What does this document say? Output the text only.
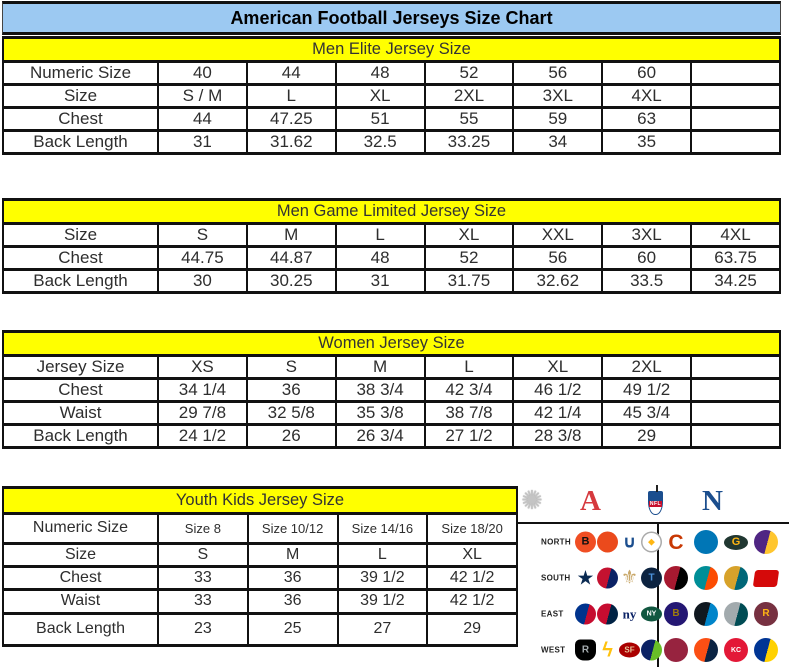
American Football Jerseys Size Chart
Men Elite Jersey Size							
Numeric Size	40	44	48	52	56	60	
Size	S / M	L	XL	2XL	3XL	4XL	
Chest	44	47.25	51	55	59	63	
Back Length	31	31.62	32.5	33.25	34	35	
Men Game Limited Jersey Size							
Size	S	M	L	XL	XXL	3XL	4XL
Chest	44.75	44.87	48	52	56	60	63.75
Back Length	30	30.25	31	31.75	32.62	33.5	34.25
Women Jersey Size							
Jersey Size	XS	S	M	L	XL	2XL	
Chest	34 1/4	36	38 3/4	42 3/4	46 1/2	49 1/2	
Waist	29 7/8	32 5/8	35 3/8	38 7/8	42 1/4	45 3/4	
Back Length	24 1/2	26	26 3/4	27 1/2	28 3/8	29	
Youth Kids Jersey Size				
Numeric Size	Size 8	Size 10/12	Size 14/16	Size 18/20
Size	S	M	L	XL
Chest	33	36	39 1/2	42 1/2
Waist	33	36	39 1/2	42 1/2
Back Length	23	25	27	29
✺ A	NFL N
NORTH B	∪	◆ C	G
SOUTH ★ ⚜	T
EAST	ny	NY	B	R
WEST	R ϟ	SF	KC
